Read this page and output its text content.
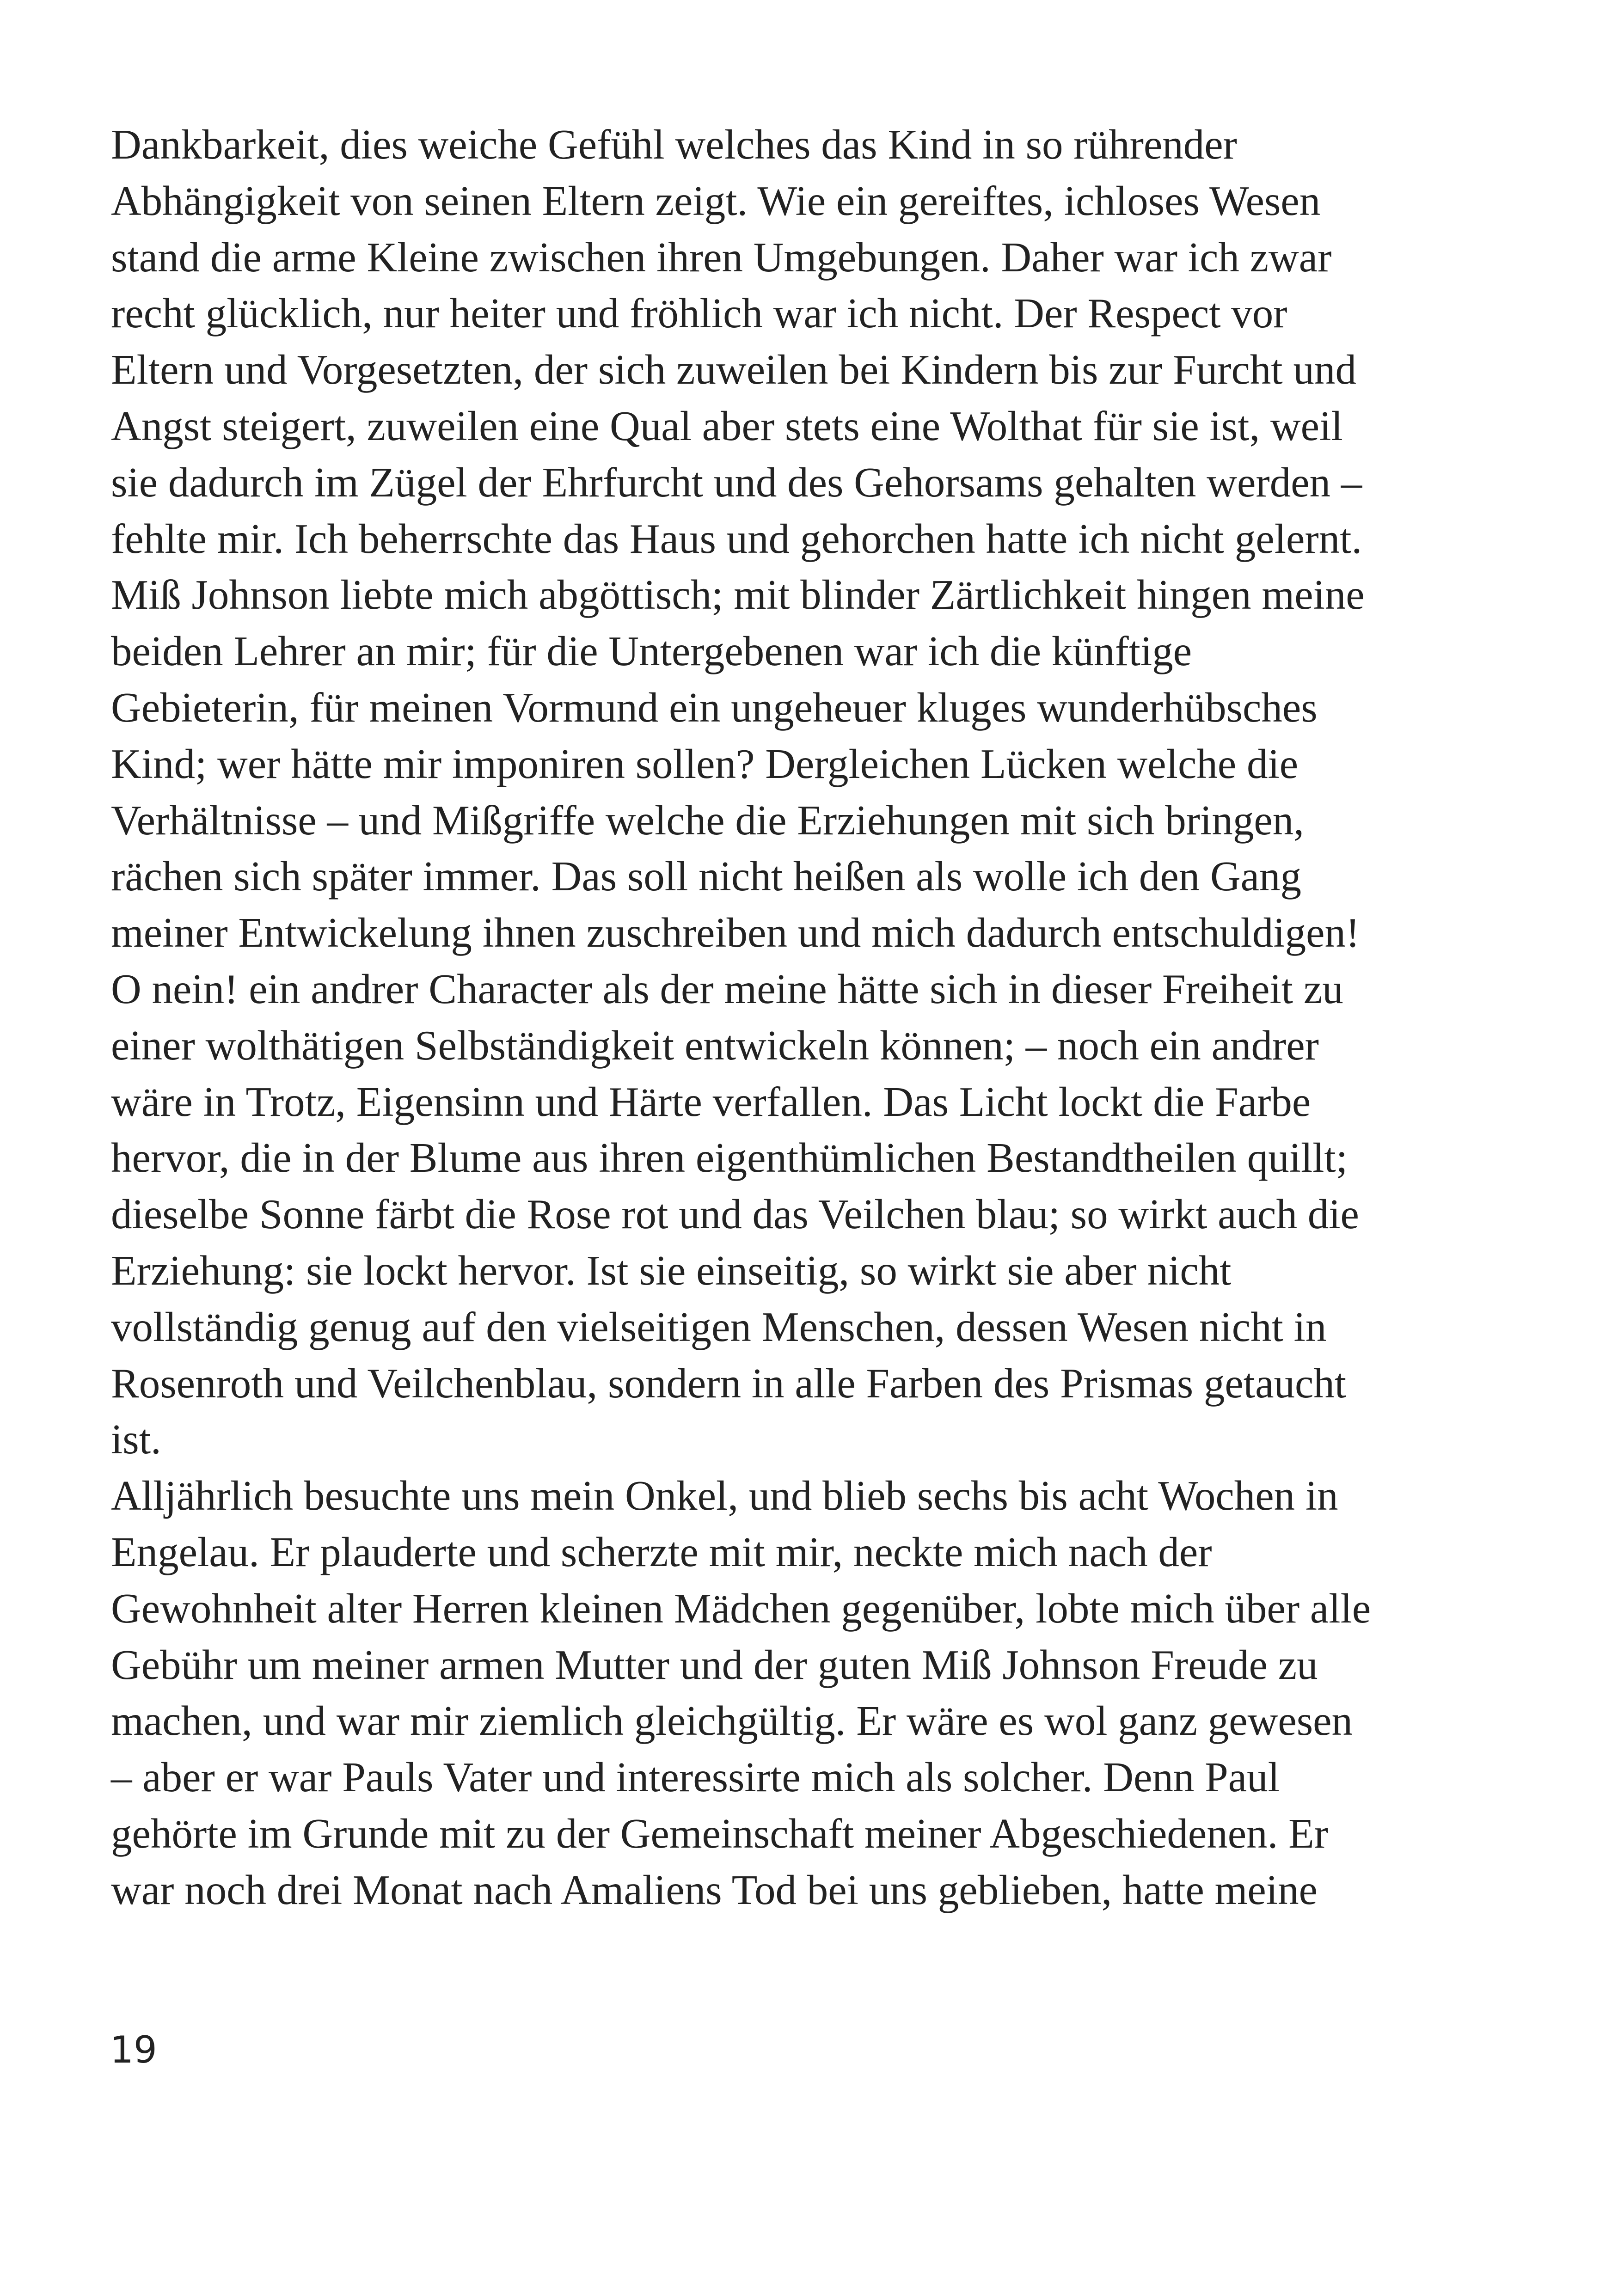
Dankbarkeit, dies weiche Gefühl welches das Kind in so rührender
Abhängigkeit von seinen Eltern zeigt. Wie ein gereiftes, ichloses Wesen
stand die arme Kleine zwischen ihren Umgebungen. Daher war ich zwar
recht glücklich, nur heiter und fröhlich war ich nicht. Der Respect vor
Eltern und Vorgesetzten, der sich zuweilen bei Kindern bis zur Furcht und
Angst steigert, zuweilen eine Qual aber stets eine Wolthat für sie ist, weil
sie dadurch im Zügel der Ehrfurcht und des Gehorsams gehalten werden –
fehlte mir. Ich beherrschte das Haus und gehorchen hatte ich nicht gelernt.
Miß Johnson liebte mich abgöttisch; mit blinder Zärtlichkeit hingen meine
beiden Lehrer an mir; für die Untergebenen war ich die künftige
Gebieterin, für meinen Vormund ein ungeheuer kluges wunderhübsches
Kind; wer hätte mir imponiren sollen? Dergleichen Lücken welche die
Verhältnisse – und Mißgriffe welche die Erziehungen mit sich bringen,
rächen sich später immer. Das soll nicht heißen als wolle ich den Gang
meiner Entwickelung ihnen zuschreiben und mich dadurch entschuldigen!
O nein! ein andrer Character als der meine hätte sich in dieser Freiheit zu
einer wolthätigen Selbständigkeit entwickeln können; – noch ein andrer
wäre in Trotz, Eigensinn und Härte verfallen. Das Licht lockt die Farbe
hervor, die in der Blume aus ihren eigenthümlichen Bestandtheilen quillt;
dieselbe Sonne färbt die Rose rot und das Veilchen blau; so wirkt auch die
Erziehung: sie lockt hervor. Ist sie einseitig, so wirkt sie aber nicht
vollständig genug auf den vielseitigen Menschen, dessen Wesen nicht in
Rosenroth und Veilchenblau, sondern in alle Farben des Prismas getaucht
ist.

Alljährlich besuchte uns mein Onkel, und blieb sechs bis acht Wochen in
Engelau. Er plauderte und scherzte mit mir, neckte mich nach der
Gewohnheit alter Herren kleinen Mädchen gegenüber, lobte mich über alle
Gebühr um meiner armen Mutter und der guten Miß Johnson Freude zu
machen, und war mir ziemlich gleichgültig. Er wäre es wol ganz gewesen
– aber er war Pauls Vater und interessirte mich als solcher. Denn Paul
gehörte im Grunde mit zu der Gemeinschaft meiner Abgeschiedenen. Er
war noch drei Monat nach Amaliens Tod bei uns geblieben, hatte meine

19
